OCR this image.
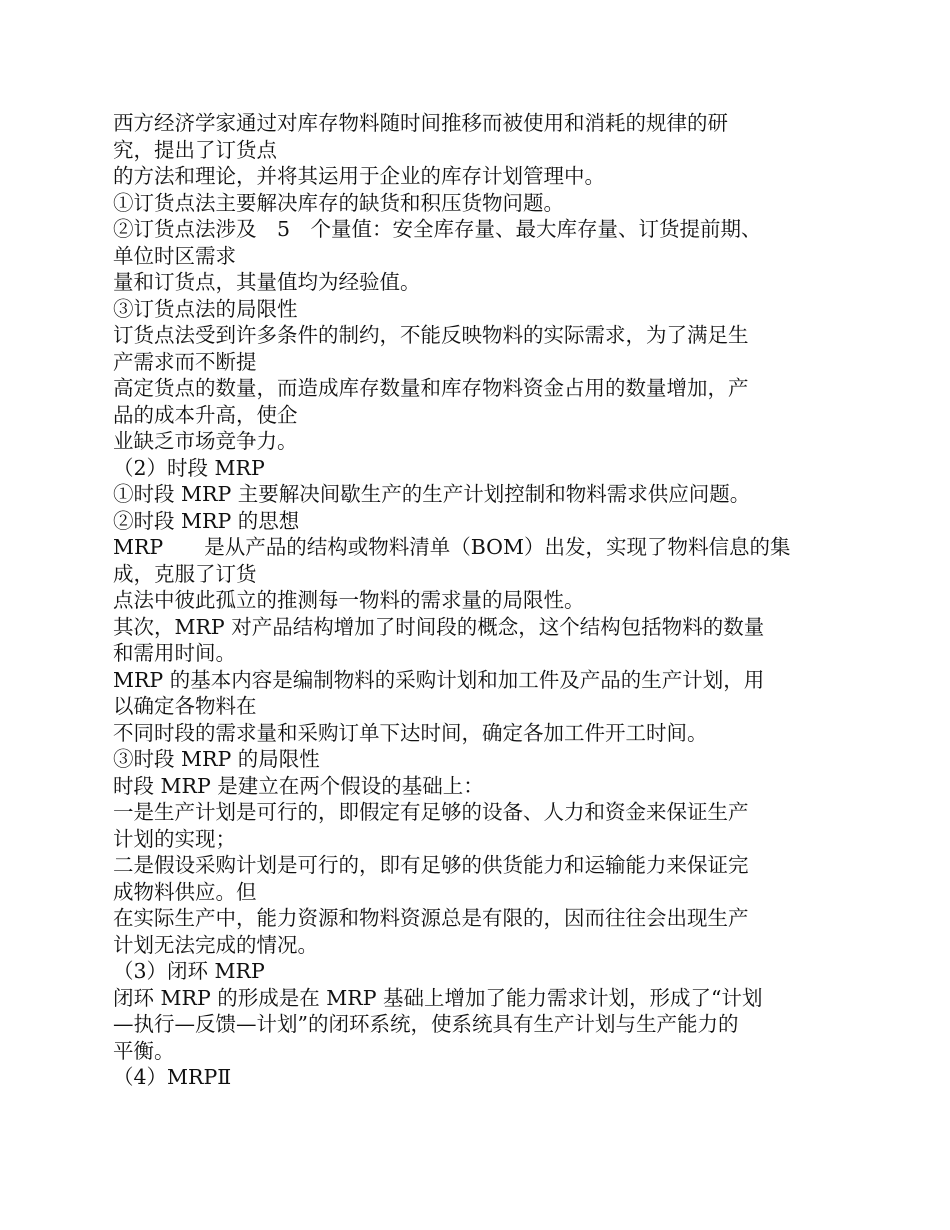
西方经济学家通过对库存物料随时间推移而被使用和消耗的规律的研
究，提出了订货点
的方法和理论，并将其运用于企业的库存计划管理中。
①订货点法主要解决库存的缺货和积压货物问题。
②订货点法涉及　5　个量值：安全库存量、最大库存量、订货提前期、
单位时区需求
量和订货点，其量值均为经验值。
③订货点法的局限性
订货点法受到许多条件的制约，不能反映物料的实际需求，为了满足生
产需求而不断提
高定货点的数量，而造成库存数量和库存物料资金占用的数量增加，产
品的成本升高，使企
业缺乏市场竞争力。
（2）时段 MRP
①时段 MRP 主要解决间歇生产的生产计划控制和物料需求供应问题。
②时段 MRP 的思想
MRP　　是从产品的结构或物料清单（BOM）出发，实现了物料信息的集
成，克服了订货
点法中彼此孤立的推测每一物料的需求量的局限性。
其次，MRP 对产品结构增加了时间段的概念，这个结构包括物料的数量
和需用时间。
MRP 的基本内容是编制物料的采购计划和加工件及产品的生产计划，用
以确定各物料在
不同时段的需求量和采购订单下达时间，确定各加工件开工时间。
③时段 MRP 的局限性
时段 MRP 是建立在两个假设的基础上：
一是生产计划是可行的，即假定有足够的设备、人力和资金来保证生产
计划的实现；
二是假设采购计划是可行的，即有足够的供货能力和运输能力来保证完
成物料供应。但
在实际生产中，能力资源和物料资源总是有限的，因而往往会出现生产
计划无法完成的情况。
（3）闭环 MRP
闭环 MRP 的形成是在 MRP 基础上增加了能力需求计划，形成了“计划
—执行—反馈—计划”的闭环系统，使系统具有生产计划与生产能力的
平衡。
（4）MRPⅡ
